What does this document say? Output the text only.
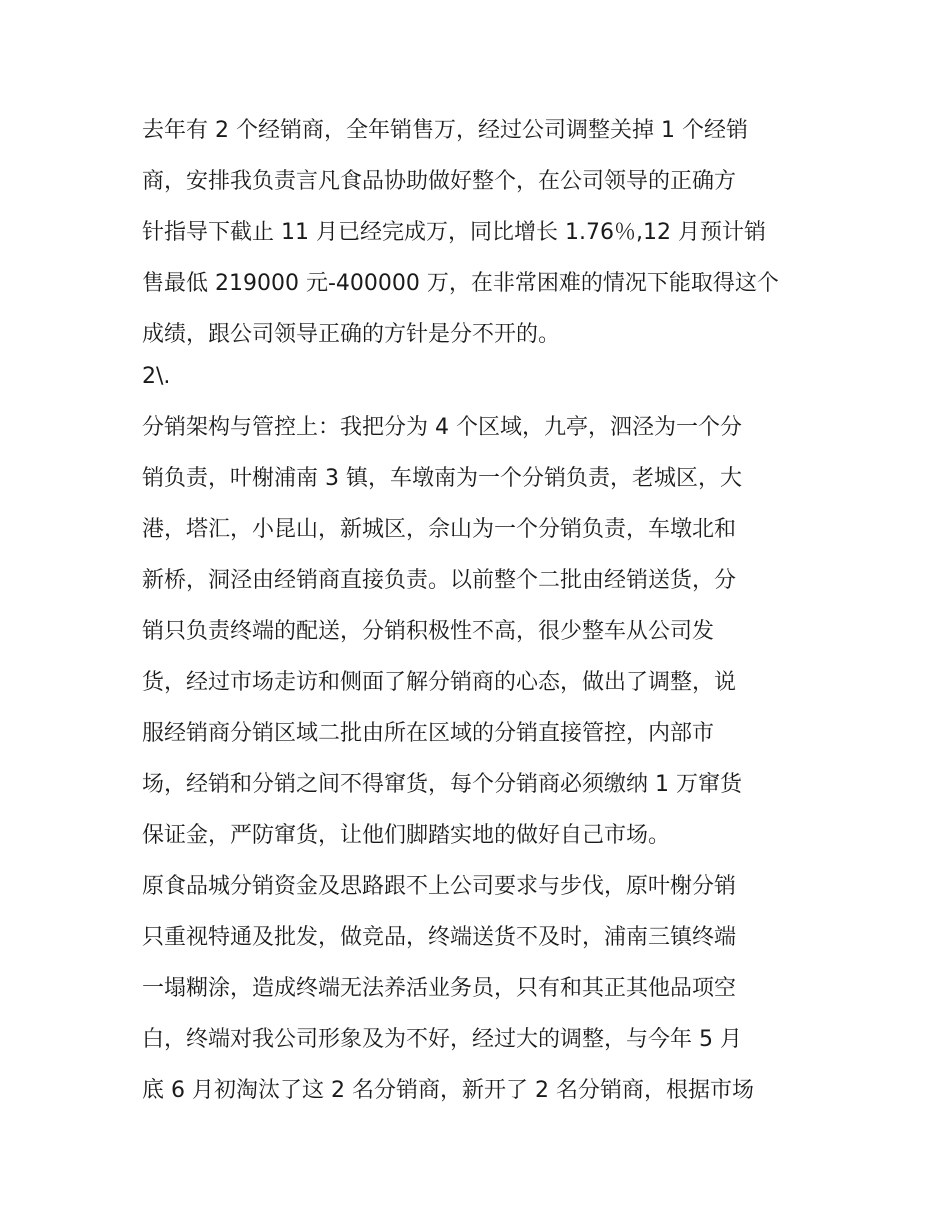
去年有 2 个经销商，全年销售万，经过公司调整关掉 1 个经销
商，安排我负责言凡食品协助做好整个，在公司领导的正确方
针指导下截止 11 月已经完成万，同比增长 1.76％,12 月预计销
售最低 219000 元-400000 万，在非常困难的情况下能取得这个
成绩，跟公司领导正确的方针是分不开的。
2\.
分销架构与管控上：我把分为 4 个区域，九亭，泗泾为一个分
销负责，叶榭浦南 3 镇，车墩南为一个分销负责，老城区，大
港，塔汇，小昆山，新城区，佘山为一个分销负责，车墩北和
新桥，洞泾由经销商直接负责。以前整个二批由经销送货，分
销只负责终端的配送，分销积极性不高，很少整车从公司发
货，经过市场走访和侧面了解分销商的心态，做出了调整，说
服经销商分销区域二批由所在区域的分销直接管控，内部市
场，经销和分销之间不得窜货，每个分销商必须缴纳 1 万窜货
保证金，严防窜货，让他们脚踏实地的做好自己市场。
原食品城分销资金及思路跟不上公司要求与步伐，原叶榭分销
只重视特通及批发，做竞品，终端送货不及时，浦南三镇终端
一塌糊涂，造成终端无法养活业务员，只有和其正其他品项空
白，终端对我公司形象及为不好，经过大的调整，与今年 5 月
底 6 月初淘汰了这 2 名分销商，新开了 2 名分销商，根据市场
